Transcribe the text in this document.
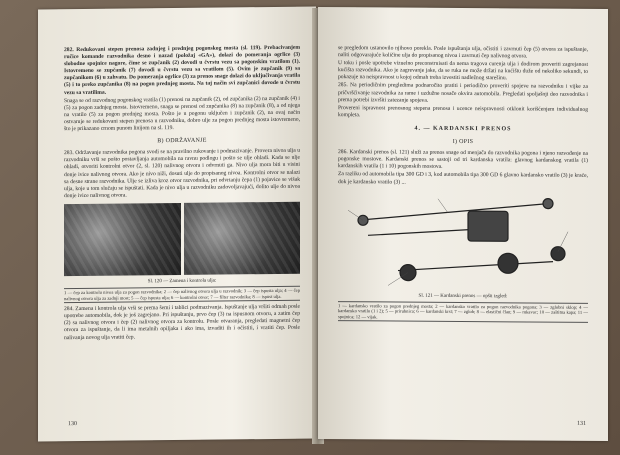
282. Redukovani stepen prenosa zadnjeg i prednjeg pogonskog mosta (sl. 119). Prebacivanjem ručice komande razvodnika desno i nazad (položaj «GA»), dolazi do pomeranja ogrlice (3) slobodne spojnice nagore, čime se zupčanik (2) dovodi u čvrstu vezu sa pogonskim vratilom (1). Istovremeno se zupčanik (7) dovodi u čvrstu vezu sa vratilom (5). Ovim je zupčanik (9) sa zupčanikom (6) u zahvatu. Do pomeranja ogrlice (3) za prenos snage dolazi do uključivanja vratila (5) i to preko zupčanika (8) na pogon prednjeg mosta. Na taj način svi zupčanici dovode u čvrstu vezu sa vratilima.

Snaga se od razvodnog pogonskog vratila (1) prenosi na zupčanik (2), od zupčanika (2) na zupčanik (4) i (5) za pogon zadnjeg mosta. Istovremeno, snaga se prenosi od zupčanika (8) na zupčanik (8), a od njega na vratilo (5) za pogon prednjeg mosta. Pošto je u pogonu uključen i zupčanik (2), na ovaj način ostvaruje se redukovani stepen prenosa u razvodniku, dobro ulje za pogon prednjeg mosta istovremeno, što je prikazano crnom punom linijom na sl. 119.

B) ODRŽAVANJE

283. Održavanje razvodnika pogona svodi se na pravilno rukovanje i podmazivanje. Provera nivoa ulja u razvodniku vrši se pošto postavljanja automobila na ravnu podlogu i pošto se ulje ohladi. Kada se ulje ohladi, otvoriti kontrolni otvor (2, sl. 120) nalivnog otvora i odvrnuti ga. Nivo ulja mora biti u visini donje ivice nalivnog otvora. Ako je nivo niži, dosuti ulje do propisanog nivoa. Kontrolni otvor se nalazi sa desne strane razvodnika. Ulje se izliva kroz otvor razvodnika, pri odvrtanju čepa (1) pojavice se višak ulja, koje u tom slučaju se ispuštati. Kada je nivo ulja u razvodniku zadovoljavajući, dolito ulje do nivoa donje ivice nalivnog otvora.

Sl. 120 — Zamena i kontrola ulja:
1 — čep za kontrolu nivoa ulja za pogon razvodnika; 2 — čep nalivnog otvora ulja u razvodnik; 3 — čep ispusta ulja; 4 — čep nalivnog otvora ulja za zadnji most; 5 — čep ispusta ulja; 6 — kontrolni otvor; 7 — filter razvodnika; 8 — ispust ulja.

284. Zamena i kontrola ulja vrši se prema šemi i tablici podmazivanja. Ispuštanje ulja vršiti odmah posle upotrebe automobila, dok je još zagrejano. Pri ispuštanju, prvo čep (3) na ispusnom otvoru, a zatim čep (2) sa nalivnog otvora i čep (2) nalivnog otvora za kontrolu. Posle otvaranja, pregledati magnetni čep otvora za ispuštanje, da li ima metalnih opiljaka i ako ima, izvaditi ih i očistiti, i vratiti čep. Posle nalivanja novog ulja vratiti čep.

130

se pregledom ustanovilo njihovo porekla. Posle ispuštanja ulja, očistiti i zavrnuti čep (5) otvora za ispuštanje, naliti odgovarajuće količine ulja do propisanog nivoa i zavrnuti čep nalivnog otvora.

U toku i posle upotrebe vizuelno preconstruisati da nema tragova curenja ulja i dodirom proveriti zagrejanost kućišta razvodnika. Ako je zagrevanje jake, da se ruka ne može držati na kućištu duže od nekoliko sekundi, to pokazuje na neispravnost u kojoj odmah treba izvestiti nadležnog starešinu.

285. Na periodičnim pregledima podnaročito pratiti i periodično proveriti spojeve na razvodniku i vijke za pričvršćivanje razvodnika za rame i uzdužne nosače okvira automobila. Pregledati spoljašnji deo razvodnika i prema potrebi izvršiti zatezanje spojeva.

Provereni ispravnost prenosnog stepena prenosa i ucence neispravnosti otklonit korišćenjem individualnog kompleta.

4. — KARDANSKI PRENOS
I) OPIS

286. Kardanski prenos (sl. 121) služi za prenos snage od menjača do razvodnika pogona i njeno razvođenje na pogonske mostove. Kardanski prenos se sastoji od tri kardanska vratila: glavnog kardanskog vratila (1) kardanskih vratila (1 i 10) pogonskih mostova.

Za razliku od automobila tipa 300 GD i 3, kod automobila tipa 300 GD 6 glavno kardansko vratilo (3) je kraće, dok je kardansko vratilo (3) ...

Sl. 121 — Kardanski prenos — opšti izgled:
1 — kardansko vratilo za pogon prednjeg mosta; 2 — kardansko vratilo za pogon razvodnika pogona; 3 — zglobni sklop; 4 — kardansko vratilo (1 i 2); 5 — prirubnica; 6 — kardanski krst; 7 — zglob; 8 — elastični član; 9 — rukavac; 10 — zaštitna kapa; 11 — spojnica; 12 — vijak.
131
